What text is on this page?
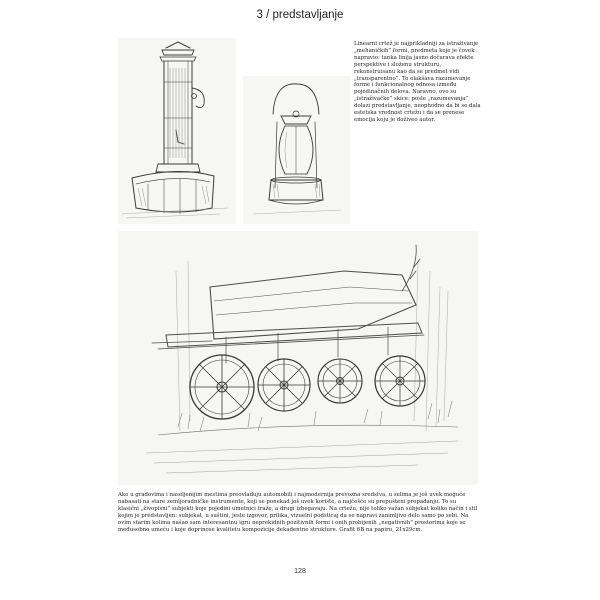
3 / predstavljanje
Linearni crtež je najprikladniji za istraživanje „mehaničkih” formi, predmeta koje je čovek napravio: tanka linija jasno dočarava efekte perspektive i složenu strukturu, rekonstruisanu kao da se predmet vidi „transparentno”. To olakšava razumevanje forme i funkcionalnog odnosa između pojedinačnih delova. Naravno, ovo su „istraživačke” skice: posle „razumevanja” dolazi predstavljanje, neophodno da bi se dala estetska vrednost crtežu i da se prenese emocija koju je doživeo autor.
Ako u gradovima i naseljenijim mestima preovladuju automobili i najmodernija prevozna sredstva, u selima je još uvek moguće nabasati na stare zemljoradničke instrumente, koji se ponekad još uvek koriste, a najčešće su prepušteni propadanju. To su klasični „živopisni” subjekti koje pojedini umetnici traže, a drugi izbegavaju. Na crtežu, nije toliko važan subjekat koliko način i stil kojim je predstavljen: subjekat, u suštini, jeste izgovor, prilika, vizuelni podsticaj da se napravi zanimljivo delo samo po sebi. Na ovim starim kolima našao sam interesantnu igru neprekidnih pozitivnih formi i onih probijenih „negativnih” prostorima koje se međusobno umeću i koje doprinose kvalitetu kompozicije dekadentne strukture. Grafit 6B na papiru, 21x29cm.
128
